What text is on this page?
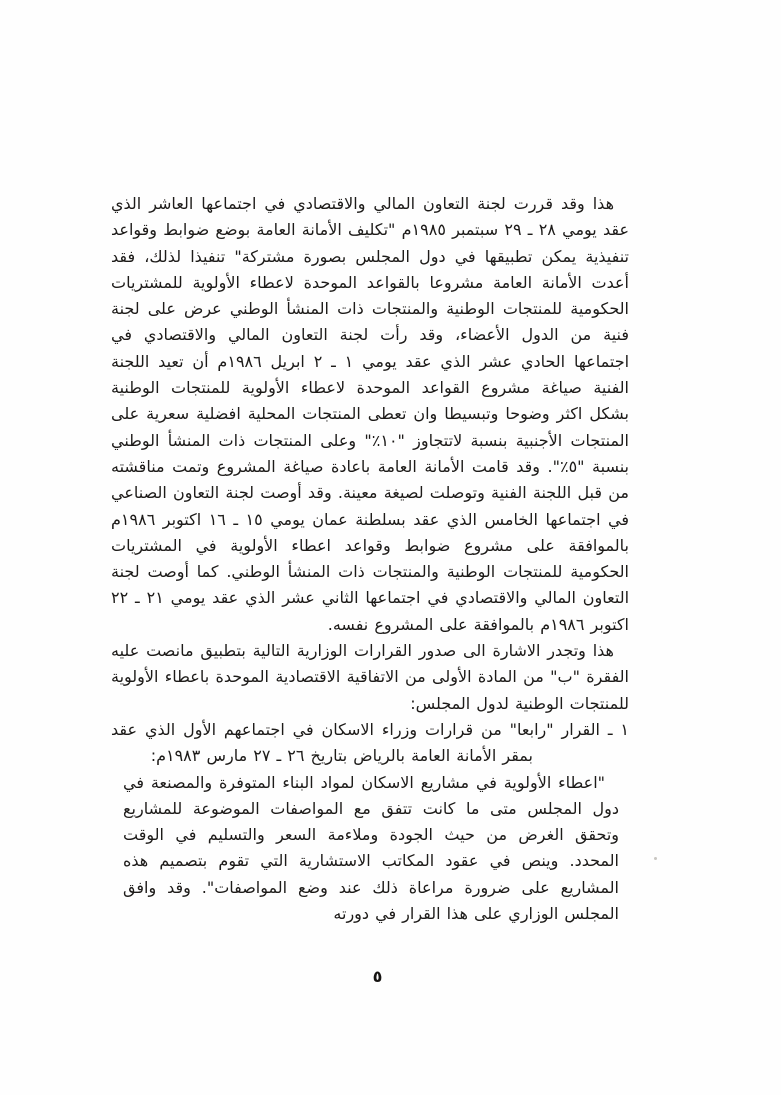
هذا وقد قررت لجنة التعاون المالي والاقتصادي في اجتماعها العاشر الذي عقد يومي ٢٨ ـ ٢٩ سبتمبر ١٩٨٥م "تكليف الأمانة العامة بوضع ضوابط وقواعد تنفيذية يمكن تطبيقها في دول المجلس بصورة مشتركة" تنفيذا لذلك، فقد أعدت الأمانة العامة مشروعا بالقواعد الموحدة لاعطاء الأولوية للمشتريات الحكومية للمنتجات الوطنية والمنتجات ذات المنشأ الوطني عرض على لجنة فنية من الدول الأعضاء، وقد رأت لجنة التعاون المالي والاقتصادي في اجتماعها الحادي عشر الذي عقد يومي ١ ـ ٢ ابريل ١٩٨٦م أن تعيد اللجنة الفنية صياغة مشروع القواعد الموحدة لاعطاء الأولوية للمنتجات الوطنية بشكل اكثر وضوحا وتبسيطا وان تعطى المنتجات المحلية افضلية سعرية على المنتجات الأجنبية بنسبة لاتتجاوز "١٠٪" وعلى المنتجات ذات المنشأ الوطني بنسبة "٥٪". وقد قامت الأمانة العامة باعادة صياغة المشروع وتمت مناقشته من قبل اللجنة الفنية وتوصلت لصيغة معينة. وقد أوصت لجنة التعاون الصناعي في اجتماعها الخامس الذي عقد بسلطنة عمان يومي ١٥ ـ ١٦ اكتوبر ١٩٨٦م بالموافقة على مشروع ضوابط وقواعد اعطاء الأولوية في المشتريات الحكومية للمنتجات الوطنية والمنتجات ذات المنشأ الوطني. كما أوصت لجنة التعاون المالي والاقتصادي في اجتماعها الثاني عشر الذي عقد يومي ٢١ ـ ٢٢ اكتوبر ١٩٨٦م بالموافقة على المشروع نفسه.

هذا وتجدر الاشارة الى صدور القرارات الوزارية التالية بتطبيق مانصت عليه الفقرة "ب" من المادة الأولى من الاتفاقية الاقتصادية الموحدة باعطاء الأولوية للمنتجات الوطنية لدول المجلس:

١ ـ القرار "رابعا" من قرارات وزراء الاسكان في اجتماعهم الأول الذي عقد بمقر الأمانة العامة بالرياض بتاريخ ٢٦ ـ ٢٧ مارس ١٩٨٣م:

"اعطاء الأولوية في مشاريع الاسكان لمواد البناء المتوفرة والمصنعة في دول المجلس متى ما كانت تتفق مع المواصفات الموضوعة للمشاريع وتحقق الغرض من حيث الجودة وملاءمة السعر والتسليم في الوقت المحدد. وينص في عقود المكاتب الاستشارية التي تقوم بتصميم هذه المشاريع على ضرورة مراعاة ذلك عند وضع المواصفات". وقد وافق المجلس الوزاري على هذا القرار في دورته

٥
